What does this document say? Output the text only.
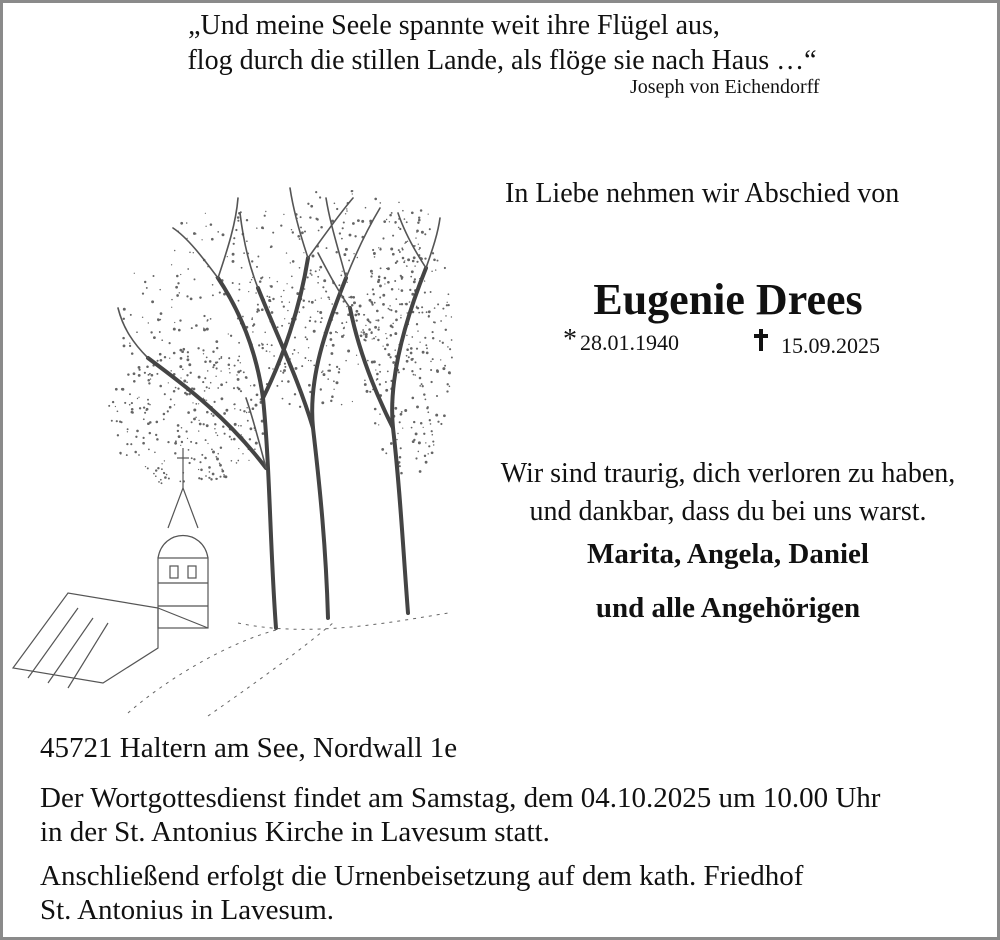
„Und meine Seele spannte weit ihre Flügel aus,
flog durch die stillen Lande, als flöge sie nach Haus …“
Joseph von Eichendorff
In Liebe nehmen wir Abschied von
Eugenie Drees
* 28.01.1940	15.09.2025
Wir sind traurig, dich verloren zu haben,
und dankbar, dass du bei uns warst.
Marita, Angela, Daniel
und alle Angehörigen
45721 Haltern am See, Nordwall 1e
Der Wortgottesdienst findet am Samstag, dem 04.10.2025 um 10.00 Uhr
in der St. Antonius Kirche in Lavesum statt.
Anschließend erfolgt die Urnenbeisetzung auf dem kath. Friedhof
St. Antonius in Lavesum.
